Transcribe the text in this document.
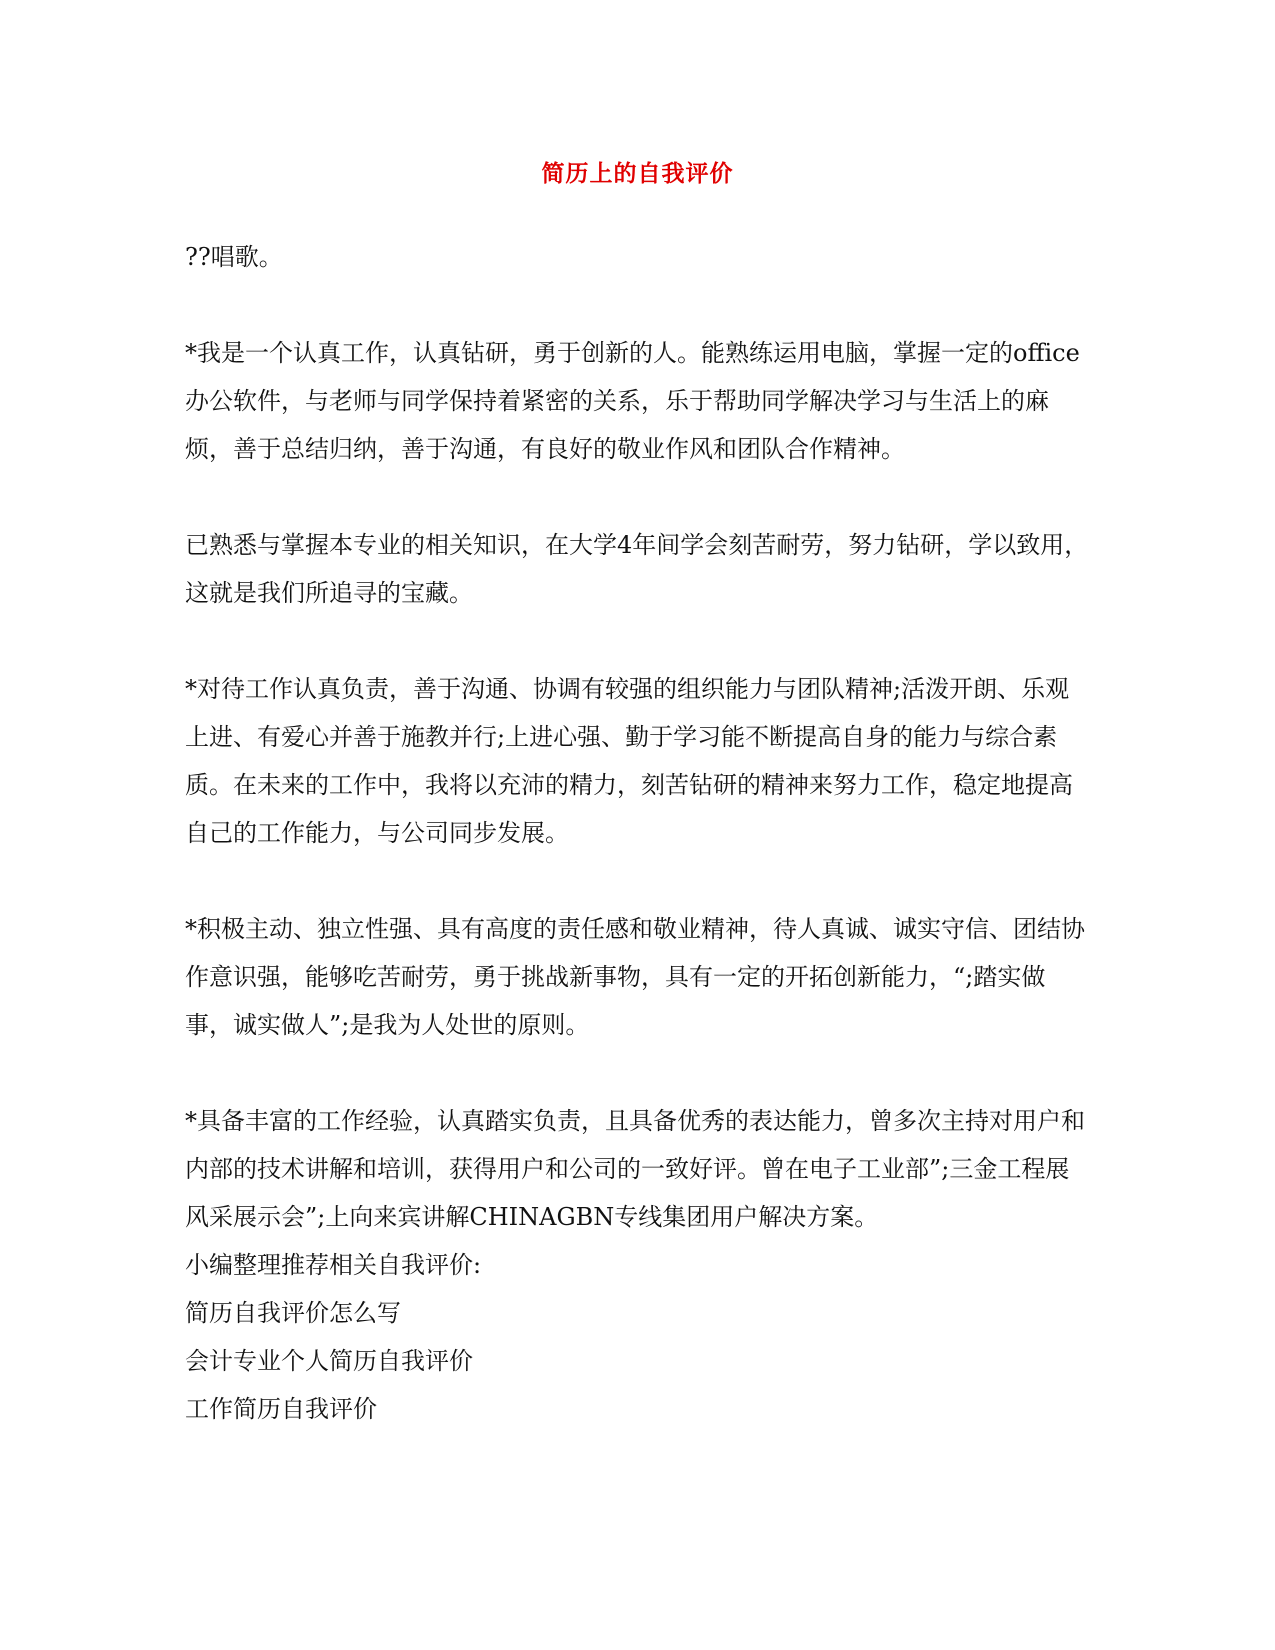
简历上的自我评价

??唱歌。

*我是一个认真工作，认真钻研，勇于创新的人。能熟练运用电脑，掌握一定的office办公软件，与老师与同学保持着紧密的关系，乐于帮助同学解决学习与生活上的麻烦，善于总结归纳，善于沟通，有良好的敬业作风和团队合作精神。

已熟悉与掌握本专业的相关知识，在大学4年间学会刻苦耐劳，努力钻研，学以致用，这就是我们所追寻的宝藏。

*对待工作认真负责，善于沟通、协调有较强的组织能力与团队精神;活泼开朗、乐观上进、有爱心并善于施教并行;上进心强、勤于学习能不断提高自身的能力与综合素质。在未来的工作中，我将以充沛的精力，刻苦钻研的精神来努力工作，稳定地提高自己的工作能力，与公司同步发展。

*积极主动、独立性强、具有高度的责任感和敬业精神，待人真诚、诚实守信、团结协作意识强，能够吃苦耐劳，勇于挑战新事物，具有一定的开拓创新能力，“;踏实做事，诚实做人”;是我为人处世的原则。

*具备丰富的工作经验，认真踏实负责，且具备优秀的表达能力，曾多次主持对用户和内部的技术讲解和培训，获得用户和公司的一致好评。曾在电子工业部”;三金工程展风采展示会”;上向来宾讲解CHINAGBN专线集团用户解决方案。

小编整理推荐相关自我评价:

简历自我评价怎么写

会计专业个人简历自我评价

工作简历自我评价
